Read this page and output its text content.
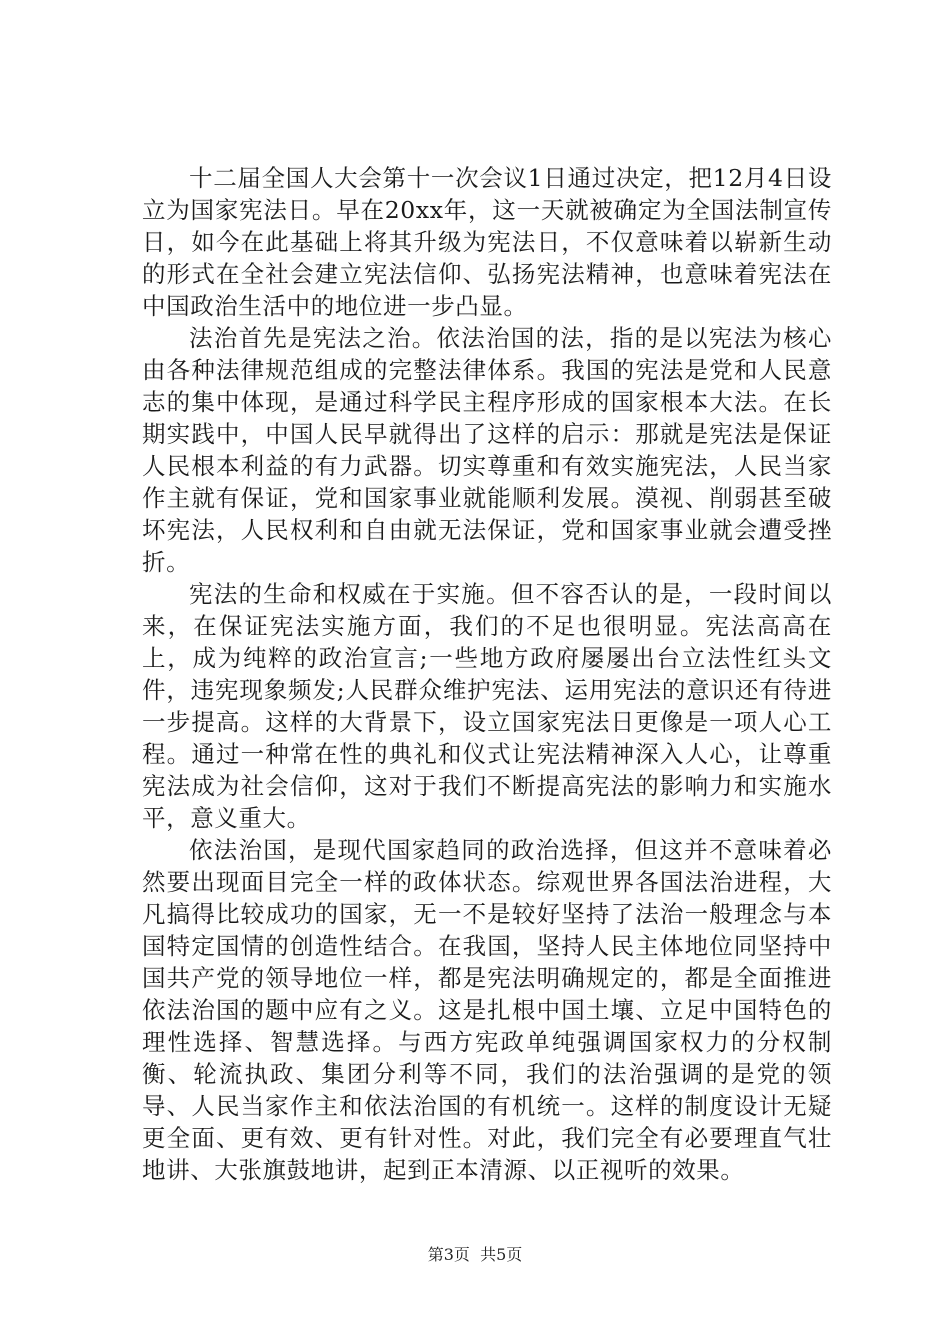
十二届全国人大会第十一次会议1日通过决定，把12月4日设立为国家宪法日。早在20xx年，这一天就被确定为全国法制宣传日，如今在此基础上将其升级为宪法日，不仅意味着以崭新生动的形式在全社会建立宪法信仰、弘扬宪法精神，也意味着宪法在中国政治生活中的地位进一步凸显。

法治首先是宪法之治。依法治国的法，指的是以宪法为核心由各种法律规范组成的完整法律体系。我国的宪法是党和人民意志的集中体现，是通过科学民主程序形成的国家根本大法。在长期实践中，中国人民早就得出了这样的启示：那就是宪法是保证人民根本利益的有力武器。切实尊重和有效实施宪法，人民当家作主就有保证，党和国家事业就能顺利发展。漠视、削弱甚至破坏宪法，人民权利和自由就无法保证，党和国家事业就会遭受挫折。

宪法的生命和权威在于实施。但不容否认的是，一段时间以来，在保证宪法实施方面，我们的不足也很明显。宪法高高在上，成为纯粹的政治宣言;一些地方政府屡屡出台立法性红头文件，违宪现象频发;人民群众维护宪法、运用宪法的意识还有待进一步提高。这样的大背景下，设立国家宪法日更像是一项人心工程。通过一种常在性的典礼和仪式让宪法精神深入人心，让尊重宪法成为社会信仰，这对于我们不断提高宪法的影响力和实施水平，意义重大。

依法治国，是现代国家趋同的政治选择，但这并不意味着必然要出现面目完全一样的政体状态。综观世界各国法治进程，大凡搞得比较成功的国家，无一不是较好坚持了法治一般理念与本国特定国情的创造性结合。在我国，坚持人民主体地位同坚持中国共产党的领导地位一样，都是宪法明确规定的，都是全面推进依法治国的题中应有之义。这是扎根中国土壤、立足中国特色的理性选择、智慧选择。与西方宪政单纯强调国家权力的分权制衡、轮流执政、集团分利等不同，我们的法治强调的是党的领导、人民当家作主和依法治国的有机统一。这样的制度设计无疑更全面、更有效、更有针对性。对此，我们完全有必要理直气壮地讲、大张旗鼓地讲，起到正本清源、以正视听的效果。

第3页 共5页
